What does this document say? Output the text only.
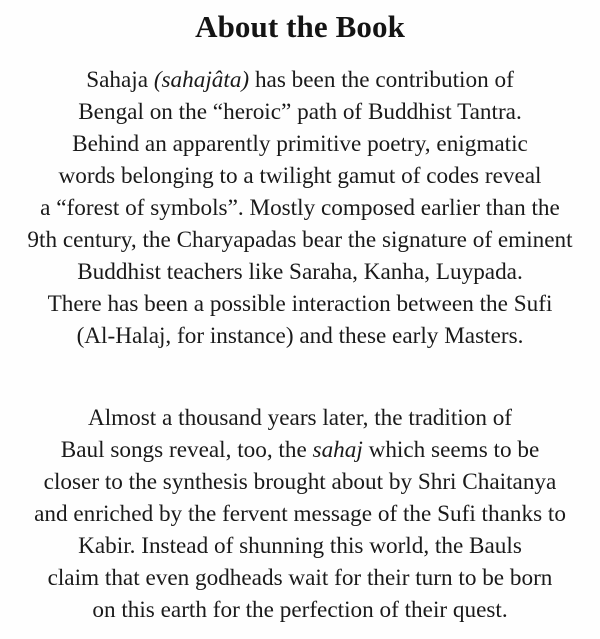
About the Book

Sahaja (sahajâta) has been the contribution of
Bengal on the “heroic” path of Buddhist Tantra.
Behind an apparently primitive poetry, enigmatic
words belonging to a twilight gamut of codes reveal
a “forest of symbols”. Mostly composed earlier than the
9th century, the Charyapadas bear the signature of eminent
Buddhist teachers like Saraha, Kanha, Luypada.
There has been a possible interaction between the Sufi
(Al-Halaj, for instance) and these early Masters.

Almost a thousand years later, the tradition of
Baul songs reveal, too, the sahaj which seems to be
closer to the synthesis brought about by Shri Chaitanya
and enriched by the fervent message of the Sufi thanks to
Kabir. Instead of shunning this world, the Bauls
claim that even godheads wait for their turn to be born
on this earth for the perfection of their quest.
